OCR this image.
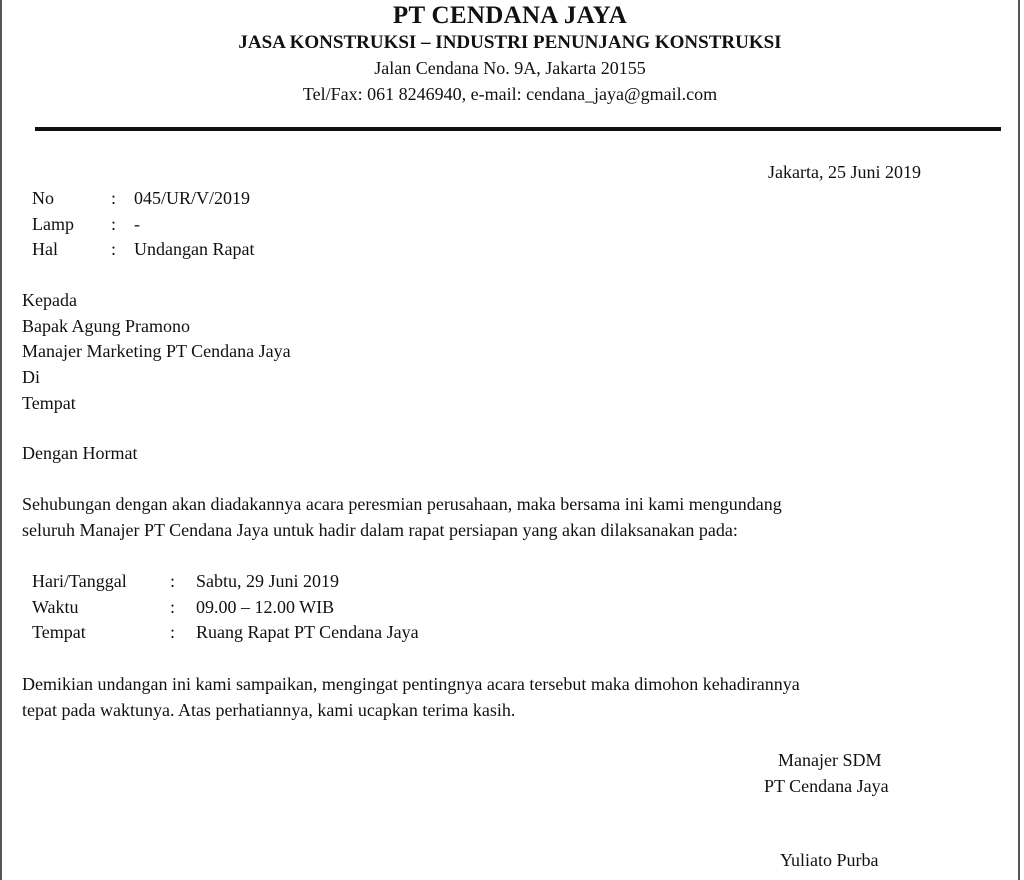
PT CENDANA JAYA
JASA KONSTRUKSI – INDUSTRI PENUNJANG KONSTRUKSI
Jalan Cendana No. 9A, Jakarta 20155
Tel/Fax: 061 8246940, e-mail: cendana_jaya@gmail.com
Jakarta, 25 Juni 2019
No	: 045/UR/V/2019
Lamp : -
Hal	: Undangan Rapat
Kepada
Bapak Agung Pramono
Manajer Marketing PT Cendana Jaya
Di
Tempat
Dengan Hormat
Sehubungan dengan akan diadakannya acara peresmian perusahaan, maka bersama ini kami mengundang
seluruh Manajer PT Cendana Jaya untuk hadir dalam rapat persiapan yang akan dilaksanakan pada:
Hari/Tanggal : Sabtu, 29 Juni 2019
Waktu	: 09.00 – 12.00 WIB
Tempat	: Ruang Rapat PT Cendana Jaya
Demikian undangan ini kami sampaikan, mengingat pentingnya acara tersebut maka dimohon kehadirannya
tepat pada waktunya. Atas perhatiannya, kami ucapkan terima kasih.
Manajer SDM
PT Cendana Jaya
Yuliato Purba
